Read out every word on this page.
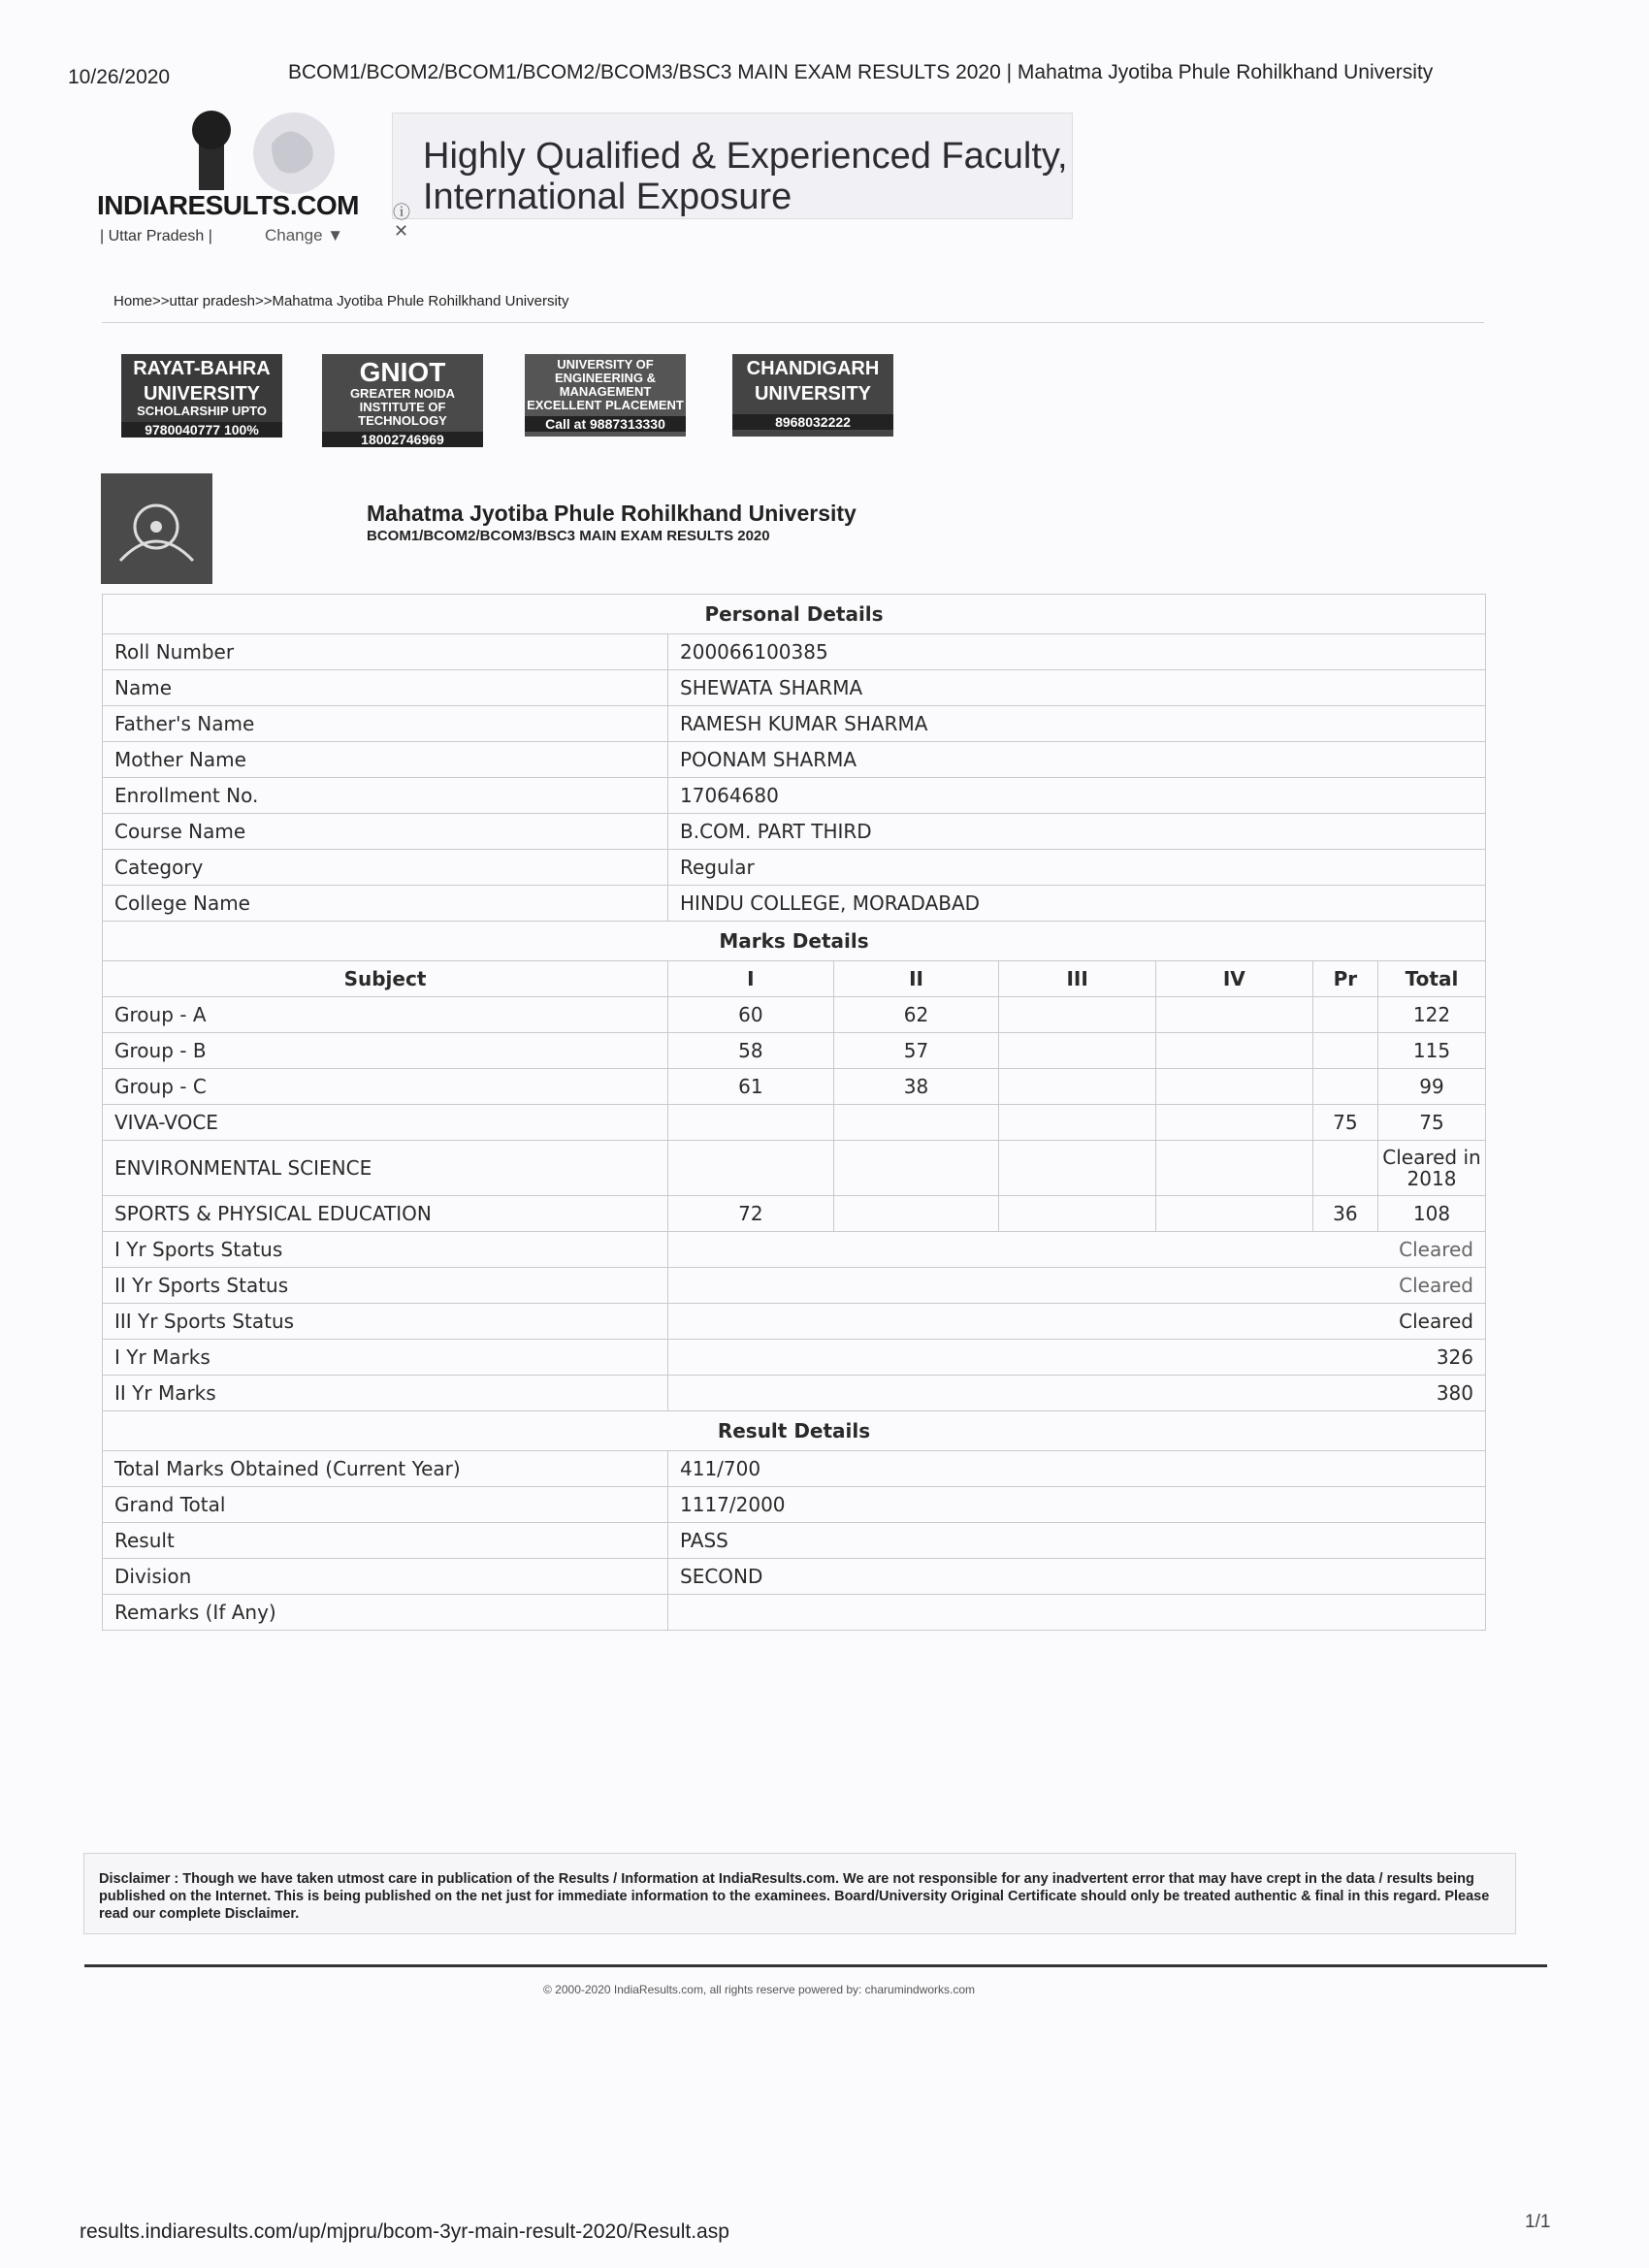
10/26/2020	BCOM1/BCOM2/BCOM1/BCOM2/BCOM3/BSC3 MAIN EXAM RESULTS 2020 | Mahatma Jyotiba Phule Rohilkhand University
INDIARESULTS.COM
| Uttar Pradesh |	Change ▼
Highly Qualified & Experienced Faculty,
International Exposure
ⓘ
✕
Home>>uttar pradesh>>Mahatma Jyotiba Phule Rohilkhand University
RAYAT-BAHRA
UNIVERSITY
SCHOLARSHIP UPTO
9780040777 100%
GNIOT
GREATER NOIDA INSTITUTE OF TECHNOLOGY
18002746969
UNIVERSITY OF
ENGINEERING & MANAGEMENT
EXCELLENT PLACEMENT
Call at 9887313330
CHANDIGARH
UNIVERSITY
8968032222
Mahatma Jyotiba Phule Rohilkhand University
BCOM1/BCOM2/BCOM3/BSC3 MAIN EXAM RESULTS 2020
Personal Details						
Roll Number	200066100385					
Name	SHEWATA SHARMA					
Father's Name	RAMESH KUMAR SHARMA					
Mother Name	POONAM SHARMA					
Enrollment No.	17064680					
Course Name	B.COM. PART THIRD					
Category	Regular					
College Name	HINDU COLLEGE, MORADABAD					
Marks Details						
Subject	I	II	III	IV	Pr	Total
Group - A	60	62				122
Group - B	58	57				115
Group - C	61	38				99
VIVA-VOCE					75	75
ENVIRONMENTAL SCIENCE						Cleared in 2018
SPORTS & PHYSICAL EDUCATION	72				36	108
I Yr Sports Status	Cleared					
II Yr Sports Status	Cleared					
III Yr Sports Status	Cleared					
I Yr Marks	326					
II Yr Marks	380					
Result Details						
Total Marks Obtained (Current Year)	411/700					
Grand Total	1117/2000					
Result	PASS					
Division	SECOND					
Remarks (If Any)						
Disclaimer : Though we have taken utmost care in publication of the Results / Information at IndiaResults.com. We are not responsible for any inadvertent error that may have crept in the data / results being published on the Internet. This is being published on the net just for immediate information to the examinees. Board/University Original Certificate should only be treated authentic & final in this regard. Please read our complete Disclaimer.
© 2000-2020 IndiaResults.com, all rights reserve powered by: charumindworks.com
results.indiaresults.com/up/mjpru/bcom-3yr-main-result-2020/Result.asp	1/1
